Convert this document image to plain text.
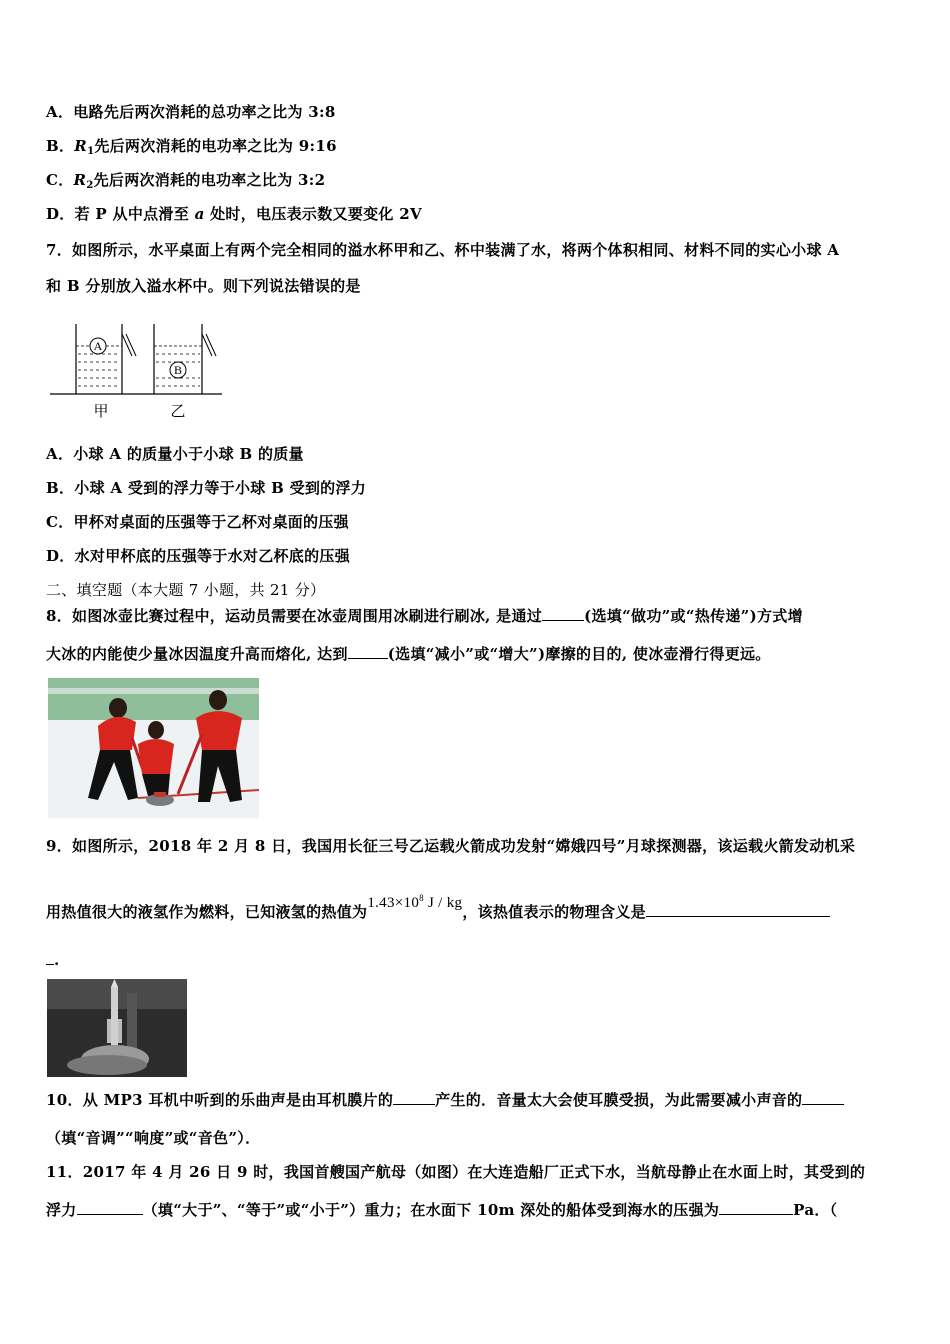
A．电路先后两次消耗的总功率之比为 3:8
B．$R_1$先后两次消耗的电功率之比为 9:16
C．$R_2$先后两次消耗的电功率之比为 3:2
D．若 P 从中点滑至 a 处时，电压表示数又要变化 2V
7．如图所示，水平桌面上有两个完全相同的溢水杯甲和乙、杯中装满了水，将两个体积相同、材料不同的实心小球 A
和 B 分别放入溢水杯中。则下列说法错误的是
A
B
甲	乙
A．小球 A 的质量小于小球 B 的质量
B．小球 A 受到的浮力等于小球 B 受到的浮力
C．甲杯对桌面的压强等于乙杯对桌面的压强
D．水对甲杯底的压强等于水对乙杯底的压强
二、填空题（本大题 7 小题，共 21 分）
8．如图冰壶比赛过程中，运动员需要在冰壶周围用冰刷进行刷冰, 是通过	(选填“做功”或“热传递”)方式增
大冰的内能使少量冰因温度升高而熔化, 达到	(选填“减小”或“增大”)摩擦的目的, 使冰壶滑行得更远。
9．如图所示，2018 年 2 月 8 日，我国用长征三号乙运载火箭成功发射“嫦娥四号”月球探测器，该运载火箭发动机采
用热值很大的液氢作为燃料，已知液氢的热值为$1.43\times 10^8$ J / kg，该热值表示的物理含义是
.
10．从 MP3 耳机中听到的乐曲声是由耳机膜片的	产生的．音量太大会使耳膜受损，为此需要减小声音的
（填“音调”“响度”或“音色”）．
11．2017 年 4 月 26 日 9 时，我国首艘国产航母（如图）在大连造船厂正式下水，当航母静止在水面上时，其受到的
浮力	（填“大于”、“等于”或“小于”）重力；在水面下 10m 深处的船体受到海水的压强为	Pa．（
